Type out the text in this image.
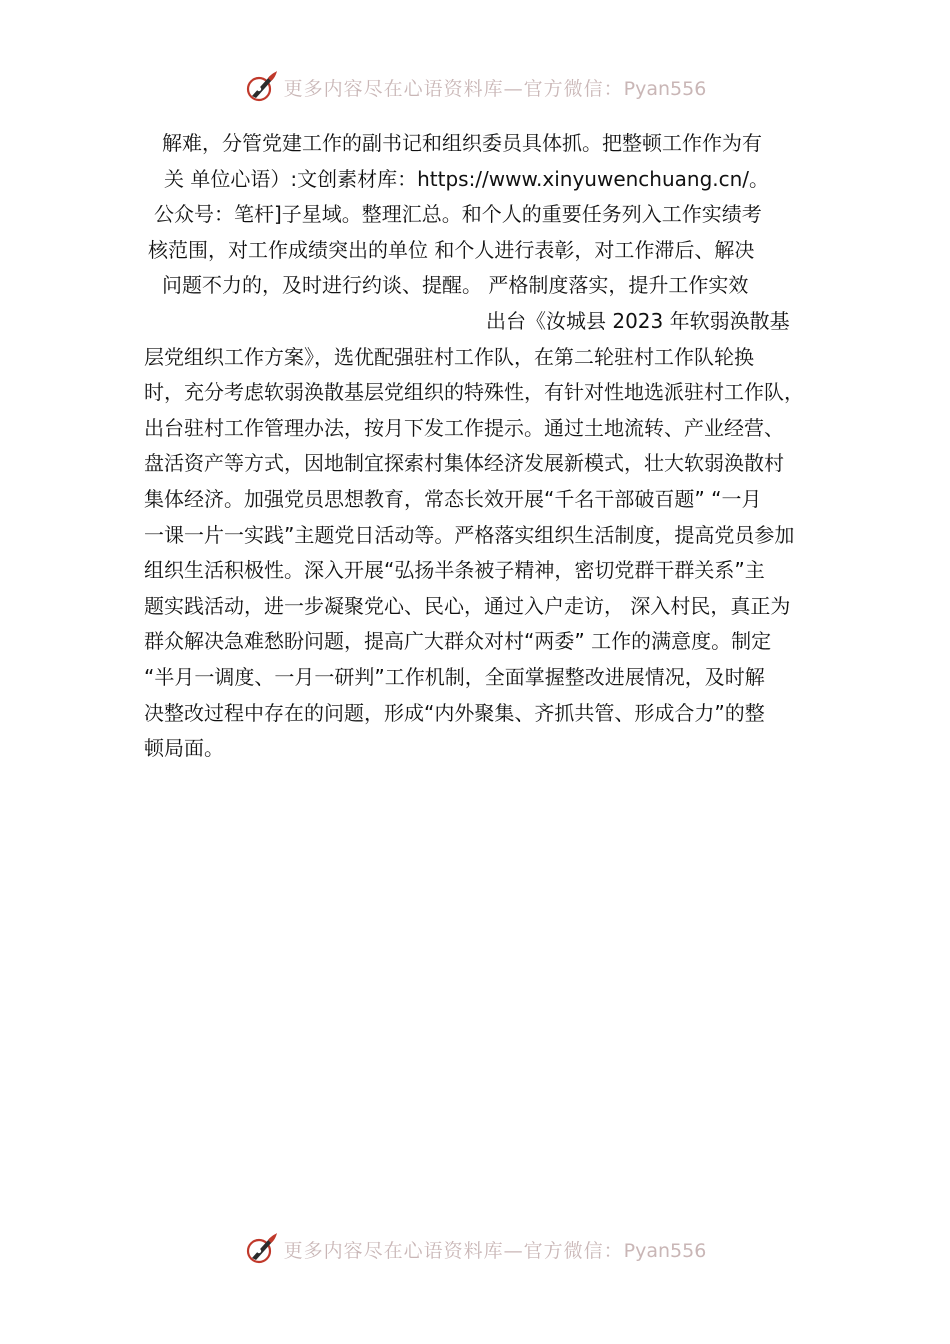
更多内容尽在心语资料库—官方微信：Pyan556
解难，分管党建工作的副书记和组织委员具体抓。把整顿工作作为有
关 单位心语）:文创素材库：https://www.xinyuwenchuang.cn/。
公众号：笔杆]子星域。整理汇总。和个人的重要任务列入工作实绩考
核范围，对工作成绩突出的单位 和个人进行表彰，对工作滞后、解决
问题不力的，及时进行约谈、提醒。 严格制度落实，提升工作实效
出台《汝城县 2023 年软弱涣散基
层党组织工作方案》，选优配强驻村工作队，在第二轮驻村工作队轮换
时，充分考虑软弱涣散基层党组织的特殊性，有针对性地选派驻村工作队，
出台驻村工作管理办法，按月下发工作提示。通过土地流转、产业经营、
盘活资产等方式，因地制宜探索村集体经济发展新模式，壮大软弱涣散村
集体经济。加强党员思想教育，常态长效开展“千名干部破百题” “一月
一课一片一实践”主题党日活动等。严格落实组织生活制度，提高党员参加
组织生活积极性。深入开展“弘扬半条被子精神，密切党群干群关系”主
题实践活动，进一步凝聚党心、民心，通过入户走访， 深入村民，真正为
群众解决急难愁盼问题，提高广大群众对村“两委” 工作的满意度。制定
“半月一调度、一月一研判”工作机制，全面掌握整改进展情况，及时解
决整改过程中存在的问题，形成“内外聚集、齐抓共管、形成合力”的整
顿局面。
更多内容尽在心语资料库—官方微信：Pyan556
